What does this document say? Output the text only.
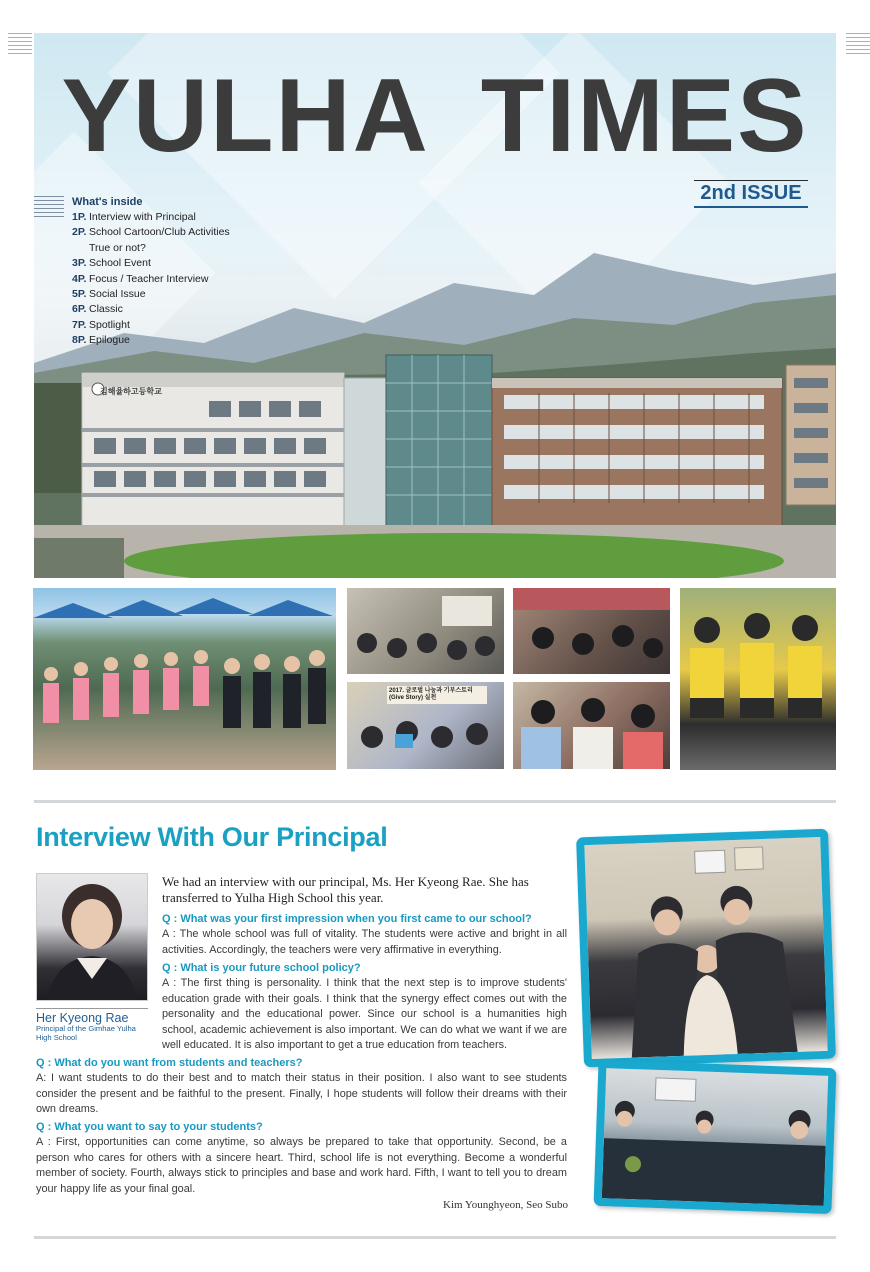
김해율하고등학교
YULHA TIMES
2nd ISSUE
What's inside
1P. Interview with Principal
2P. School Cartoon/Club Activities
True or not?
3P. School Event
4P. Focus / Teacher Interview
5P. Social Issue
6P. Classic
7P. Spotlight
8P. Epilogue
2017. 글로벌 나눔과 기부스토리(Give Story) 실천
Interview With Our Principal
Her Kyeong Rae
Principal of the Gimhae Yulha High School
We had an interview with our principal, Ms. Her Kyeong Rae. She has transferred to Yulha High School this year.
Q : What was your first impression when you first came to our school?
A : The whole school was full of vitality. The students were active and bright in all activities. Accordingly, the teachers were very affirmative in everything.
Q : What is your future school policy?
A : The first thing is personality. I think that the next step is to improve students' education grade with their goals. I think that the synergy effect comes out with the personality and the educational power. Since our school is a humanities high school, academic achievement is also important. We can do what we want if we are well educated. It is also important to get a true education from teachers.
Q : What do you want from students and teachers?
A: I want students to do their best and to match their status in their position. I also want to see students consider the present and be faithful to the present. Finally, I hope students will follow their dreams with their own dreams.
Q : What you want to say to your students?
A : First, opportunities can come anytime, so always be prepared to take that opportunity. Second, be a person who cares for others with a sincere heart. Third, school life is not everything. Become a wonderful member of society. Fourth, always stick to principles and base and work hard. Fifth, I want to tell you to dream your happy life as your final goal.
Kim Younghyeon, Seo Subo
